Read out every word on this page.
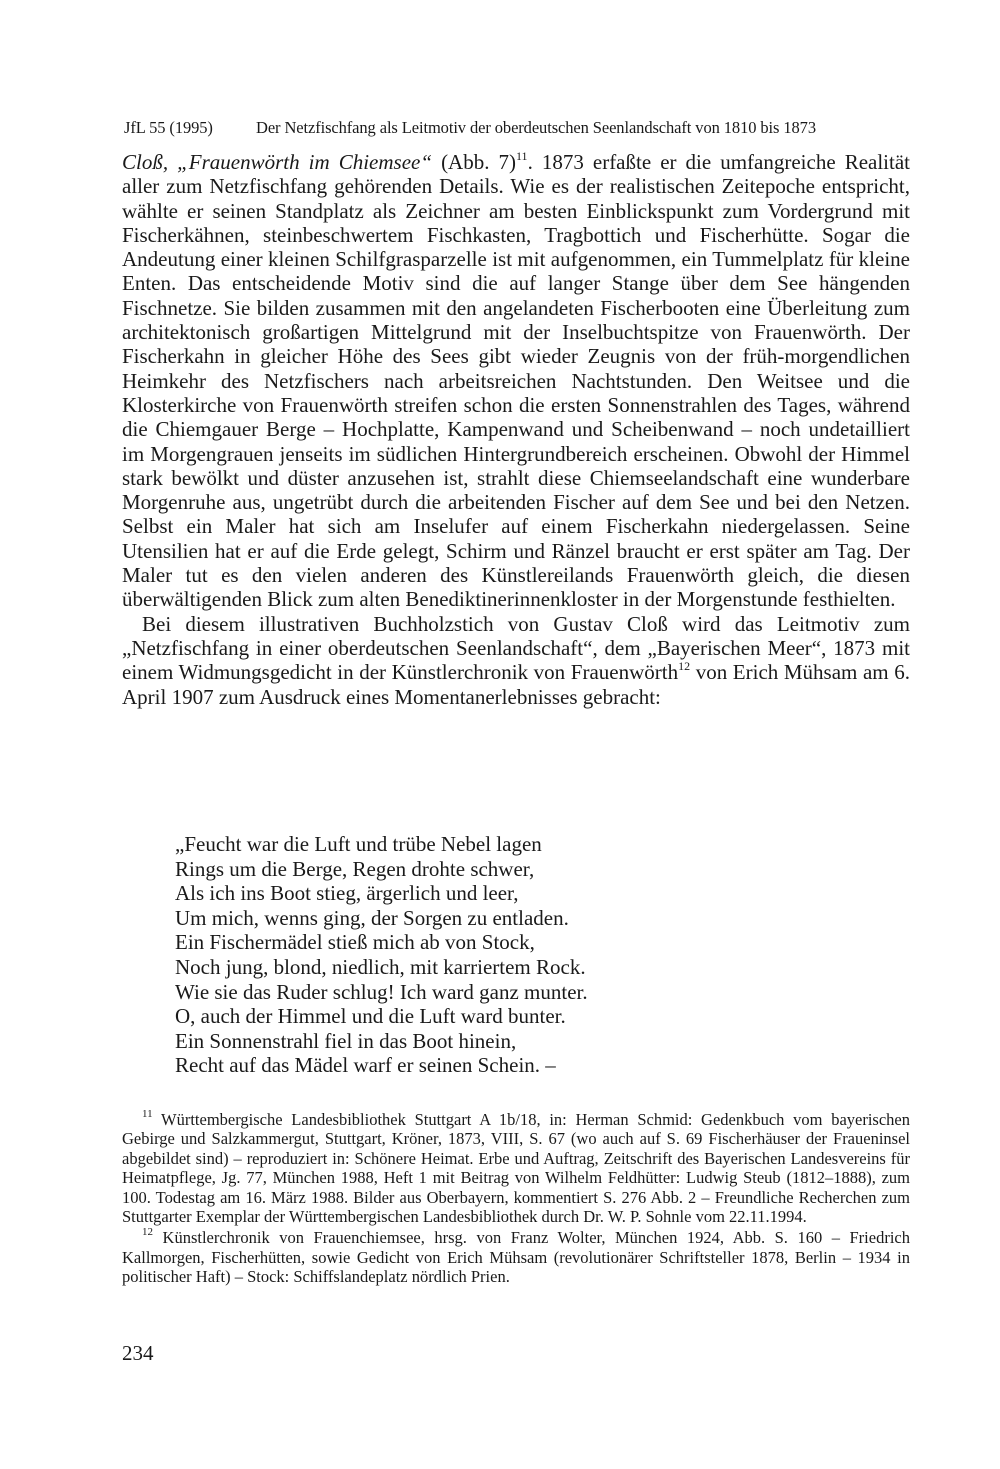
JfL 55 (1995)	Der Netzfischfang als Leitmotiv der oberdeutschen Seenlandschaft von 1810 bis 1873

Cloß, „Frauenwörth im Chiemsee“ (Abb. 7)$^{11}$. 1873 erfaßte er die umfangreiche Realität aller zum Netzfischfang gehörenden Details. Wie es der realistischen Zeitepoche entspricht, wählte er seinen Standplatz als Zeichner am besten Einblickspunkt zum Vordergrund mit Fischerkähnen, steinbeschwertem Fischkasten, Tragbottich und Fischerhütte. Sogar die Andeutung einer kleinen Schilfgrasparzelle ist mit aufgenommen, ein Tummelplatz für kleine Enten. Das entscheidende Motiv sind die auf langer Stange über dem See hängenden Fischnetze. Sie bilden zusammen mit den angelandeten Fischerbooten eine Überleitung zum architektonisch großartigen Mittelgrund mit der Inselbuchtspitze von Frauenwörth. Der Fischerkahn in gleicher Höhe des Sees gibt wieder Zeugnis von der früh-morgendlichen Heimkehr des Netzfischers nach arbeitsreichen Nachtstunden. Den Weitsee und die Klosterkirche von Frauenwörth streifen schon die ersten Sonnenstrahlen des Tages, während die Chiemgauer Berge – Hochplatte, Kampenwand und Scheibenwand – noch undetailliert im Morgengrauen jenseits im südlichen Hintergrundbereich erscheinen. Obwohl der Himmel stark bewölkt und düster anzusehen ist, strahlt diese Chiemseelandschaft eine wunderbare Morgenruhe aus, ungetrübt durch die arbeitenden Fischer auf dem See und bei den Netzen. Selbst ein Maler hat sich am Inselufer auf einem Fischerkahn niedergelassen. Seine Utensilien hat er auf die Erde gelegt, Schirm und Ränzel braucht er erst später am Tag. Der Maler tut es den vielen anderen des Künstlereilands Frauenwörth gleich, die diesen überwältigenden Blick zum alten Benediktinerinnenkloster in der Morgenstunde festhielten.

Bei diesem illustrativen Buchholzstich von Gustav Cloß wird das Leitmotiv zum „Netzfischfang in einer oberdeutschen Seenlandschaft“, dem „Bayerischen Meer“, 1873 mit einem Widmungsgedicht in der Künstlerchronik von Frauenwörth$^{12}$ von Erich Mühsam am 6. April 1907 zum Ausdruck eines Momentanerlebnisses gebracht:

„Feucht war die Luft und trübe Nebel lagen
Rings um die Berge, Regen drohte schwer,
Als ich ins Boot stieg, ärgerlich und leer,
Um mich, wenns ging, der Sorgen zu entladen.
Ein Fischermädel stieß mich ab von Stock,
Noch jung, blond, niedlich, mit karriertem Rock.
Wie sie das Ruder schlug! Ich ward ganz munter.
O, auch der Himmel und die Luft ward bunter.
Ein Sonnenstrahl fiel in das Boot hinein,
Recht auf das Mädel warf er seinen Schein. –

$^{11}$ Württembergische Landesbibliothek Stuttgart A 1b/18, in: Herman Schmid: Gedenkbuch vom bayerischen Gebirge und Salzkammergut, Stuttgart, Kröner, 1873, VIII, S. 67 (wo auch auf S. 69 Fischerhäuser der Fraueninsel abgebildet sind) – reproduziert in: Schönere Heimat. Erbe und Auftrag, Zeitschrift des Bayerischen Landesvereins für Heimatpflege, Jg. 77, München 1988, Heft 1 mit Beitrag von Wilhelm Feldhütter: Ludwig Steub (1812–1888), zum 100. Todestag am 16. März 1988. Bilder aus Oberbayern, kommentiert S. 276 Abb. 2 – Freundliche Recherchen zum Stuttgarter Exemplar der Württembergischen Landesbibliothek durch Dr. W. P. Sohnle vom 22.11.1994.

$^{12}$ Künstlerchronik von Frauenchiemsee, hrsg. von Franz Wolter, München 1924, Abb. S. 160 – Friedrich Kallmorgen, Fischerhütten, sowie Gedicht von Erich Mühsam (revolutionärer Schriftsteller 1878, Berlin – 1934 in politischer Haft) – Stock: Schiffslandeplatz nördlich Prien.

234
